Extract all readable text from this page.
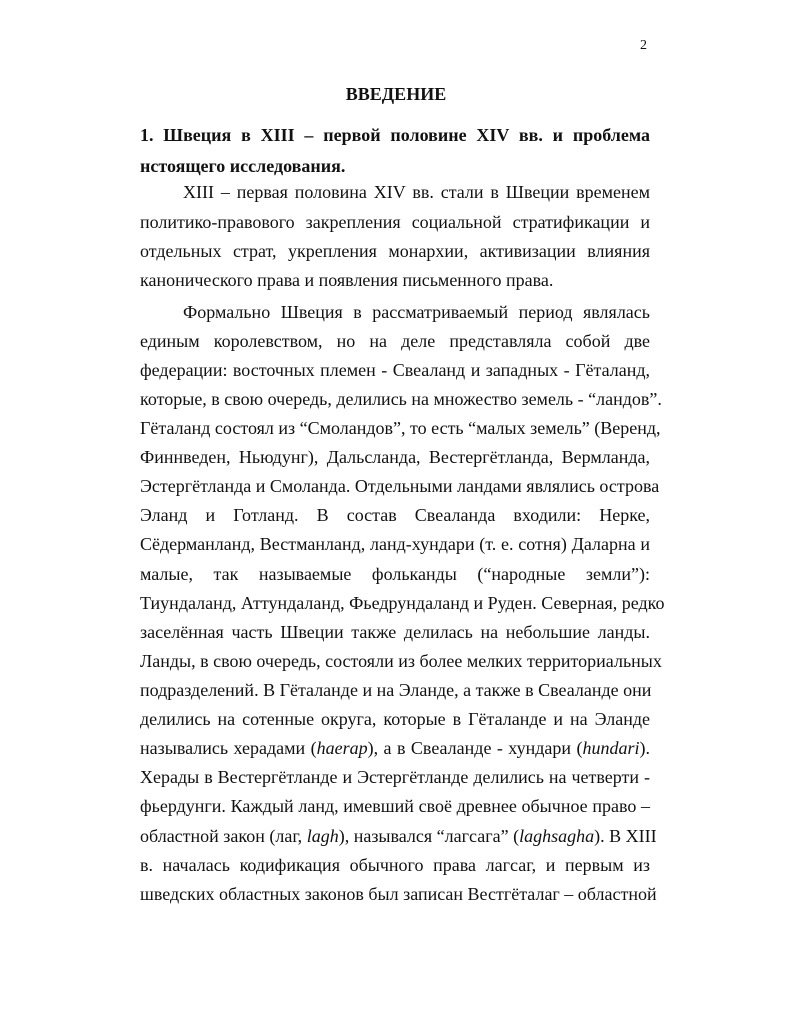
2
ВВЕДЕНИЕ
1. Швеция в XIII – первой половине XIV вв. и проблема
нстоящего исследования.
XIII – первая половина XIV вв. стали в Швеции временем
политико-правового закрепления социальной стратификации и
отдельных страт, укрепления монархии, активизации влияния
канонического права и появления письменного права.
Формально Швеция в рассматриваемый период являлась
единым королевством, но на деле представляла собой две
федерации: восточных племен - Свеаланд и западных - Гёталанд,
которые, в свою очередь, делились на множество земель - “ландов”.
Гёталанд состоял из “Смоландов”, то есть “малых земель” (Веренд,
Финнведен, Ньюдунг), Дальсланда, Вестергётланда, Вермланда,
Эстергётланда и Смоланда. Отдельными ландами являлись острова
Эланд и Готланд. В состав Свеаланда входили: Нерке,
Сёдерманланд, Вестманланд, ланд-хундари (т. е. сотня) Даларна и
малые, так называемые фольканды (“народные земли”):
Тиундаланд, Аттундаланд, Фьедрундаланд и Руден. Северная, редко
заселённая часть Швеции также делилась на небольшие ланды.
Ланды, в свою очередь, состояли из более мелких территориальных
подразделений. В Гёталанде и на Эланде, а также в Свеаланде они
делились на сотенные округа, которые в Гёталанде и на Эланде
назывались херадами (haerap), а в Свеаланде - хундари (hundari).
Херады в Вестергётланде и Эстергётланде делились на четверти -
фьердунги. Каждый ланд, имевший своё древнее обычное право –
областной закон (лаг, lagh), назывался “лагсага” (laghsagha). В XIII
в. началась кодификация обычного права лагсаг, и первым из
шведских областных законов был записан Вестгёталаг – областной
